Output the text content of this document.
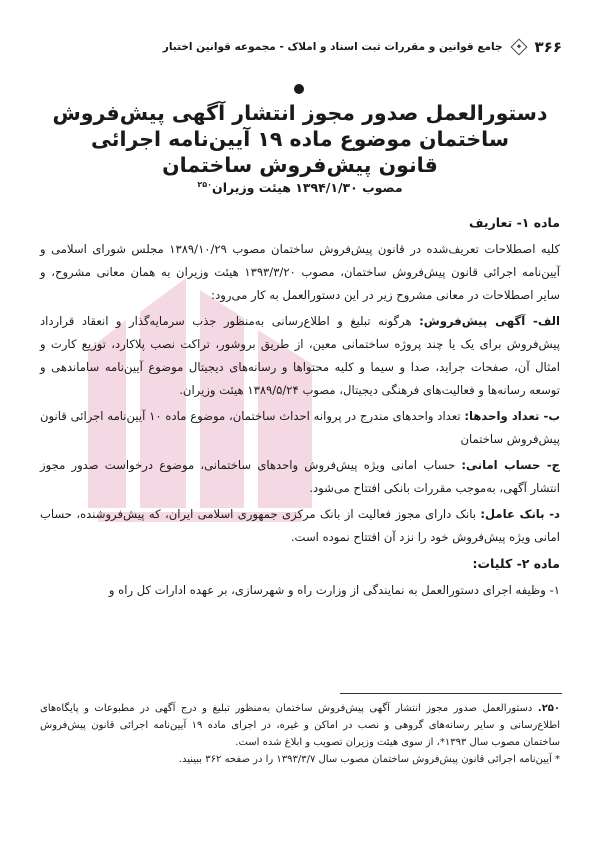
۳۶۶
جامع قوانین و مقررات ثبت اسناد و املاک - مجموعه قوانین اختبار
دستورالعمل صدور مجوز انتشار آگهی پیش‌فروش
ساختمان موضوع ماده ۱۹ آیین‌نامه اجرائی
قانون پیش‌فروش ساختمان
مصوب ۱۳۹۴/۱/۳۰ هیئت وزیران$^{۲۵۰}$

ماده ۱- تعاریف

کلیه اصطلاحات تعریف‌شده در قانون پیش‌فروش ساختمان مصوب ۱۳۸۹/۱۰/۲۹ مجلس شورای اسلامی و آیین‌نامه اجرائی قانون پیش‌فروش ساختمان، مصوب ۱۳۹۳/۳/۲۰ هیئت وزیران به همان معانی مشروح، و سایر اصطلاحات در معانی مشروح زیر در این دستورالعمل به کار می‌رود:

الف- آگهی پیش‌فروش: هرگونه تبلیغ و اطلاع‌رسانی به‌منظور جذب سرمایه‌گذار و انعقاد قرارداد پیش‌فروش برای یک یا چند پروژه ساختمانی معین، از طریق بروشور، تراکت نصب پلاکارد، توزیع کارت و امثال آن، صفحات جراید، صدا و سیما و کلیه محتواها و رسانه‌های دیجیتال موضوع آیین‌نامه ساماندهی و توسعه رسانه‌ها و فعالیت‌های فرهنگی دیجیتال، مصوب ۱۳۸۹/۵/۲۴ هیئت وزیران.

ب- تعداد واحدها: تعداد واحدهای مندرج در پروانه احداث ساختمان، موضوع ماده ۱۰ آیین‌نامه اجرائی قانون پیش‌فروش ساختمان

ج- حساب امانی: حساب امانی ویژه پیش‌فروش واحدهای ساختمانی، موضوع درخواست صدور مجوز انتشار آگهی، به‌موجب مقررات بانکی افتتاح می‌شود.

د- بانک عامل: بانک دارای مجوز فعالیت از بانک مرکزی جمهوری اسلامی ایران، که پیش‌فروشنده، حساب امانی ویژه پیش‌فروش خود را نزد آن افتتاح نموده است.

ماده ۲- کلیات:

۱- وظیفه اجرای دستورالعمل به نمایندگی از وزارت راه و شهرسازی، بر عهده ادارات کل راه و

۲۵۰. دستورالعمل صدور مجوز انتشار آگهی پیش‌فروش ساختمان به‌منظور تبلیغ و درج آگهی در مطبوعات و پایگاه‌های اطلاع‌رسانی و سایر رسانه‌های گروهی و نصب در اماکن و غیره، در اجرای ماده ۱۹ آیین‌نامه اجرائی قانون پیش‌فروش ساختمان مصوب سال ۱۳۹۳*، از سوی هیئت وزیران تصویب و ابلاغ شده است.

* آیین‌نامه اجرائی قانون پیش‌فروش ساختمان مصوب سال ۱۳۹۳/۳/۷ را در صفحه ۳۶۲ ببینید.
